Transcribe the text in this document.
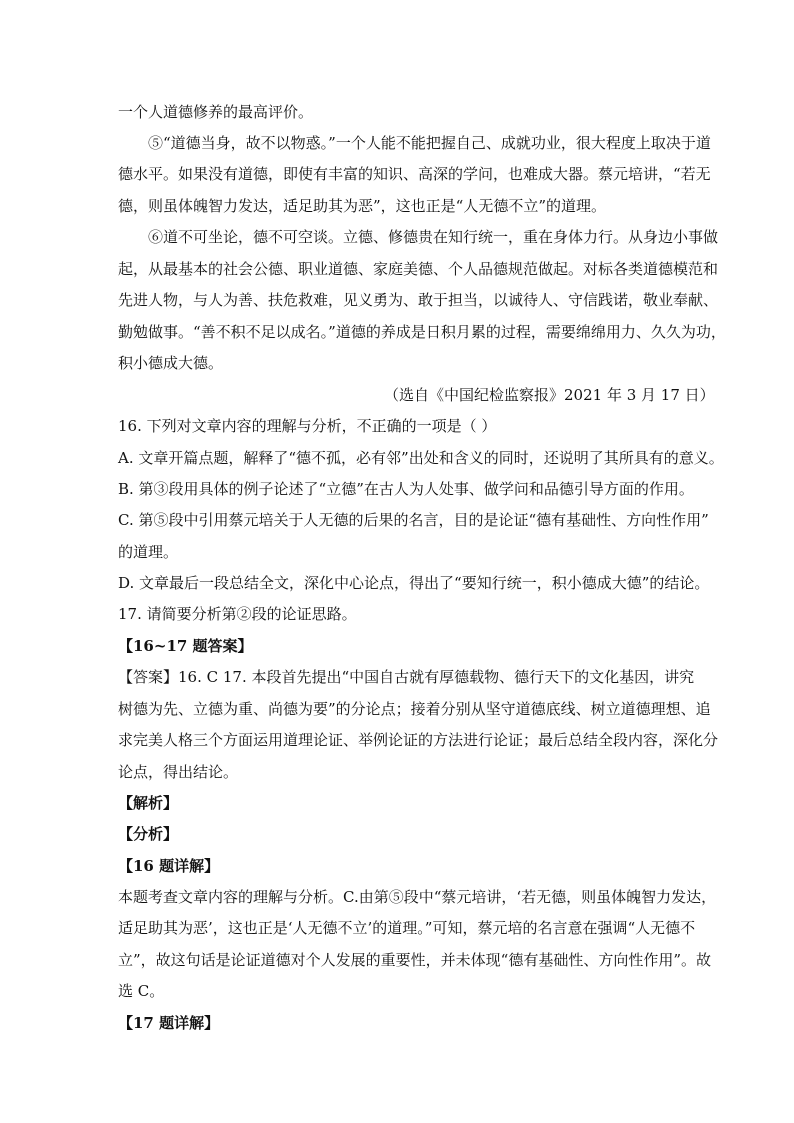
一个人道德修养的最高评价。
⑤“道德当身，故不以物惑。”一个人能不能把握自己、成就功业，很大程度上取决于道
德水平。如果没有道德，即使有丰富的知识、高深的学问，也难成大器。蔡元培讲，“若无
德，则虽体魄智力发达，适足助其为恶”，这也正是“人无德不立”的道理。
⑥道不可坐论，德不可空谈。立德、修德贵在知行统一，重在身体力行。从身边小事做
起，从最基本的社会公德、职业道德、家庭美德、个人品德规范做起。对标各类道德模范和
先进人物，与人为善、扶危救难，见义勇为、敢于担当，以诚待人、守信践诺，敬业奉献、
勤勉做事。“善不积不足以成名。”道德的养成是日积月累的过程，需要绵绵用力、久久为功，
积小德成大德。
（选自《中国纪检监察报》2021 年 3 月 17 日）
16. 下列对文章内容的理解与分析，不正确的一项是（ ）
A. 文章开篇点题，解释了“德不孤，必有邻”出处和含义的同时，还说明了其所具有的意义。
B. 第③段用具体的例子论述了“立德”在古人为人处事、做学问和品德引导方面的作用。
C. 第⑤段中引用蔡元培关于人无德的后果的名言，目的是论证“德有基础性、方向性作用”
的道理。
D. 文章最后一段总结全文，深化中心论点，得出了“要知行统一，积小德成大德”的结论。
17. 请简要分析第②段的论证思路。
【16~17 题答案】
【答案】16. C 17. 本段首先提出“中国自古就有厚德载物、德行天下的文化基因，讲究
树德为先、立德为重、尚德为要”的分论点；接着分别从坚守道德底线、树立道德理想、追
求完美人格三个方面运用道理论证、举例论证的方法进行论证；最后总结全段内容，深化分
论点，得出结论。
【解析】
【分析】
【16 题详解】
本题考查文章内容的理解与分析。C.由第⑤段中“蔡元培讲，‘若无德，则虽体魄智力发达，
适足助其为恶’，这也正是‘人无德不立’的道理。”可知，蔡元培的名言意在强调“人无德不
立”，故这句话是论证道德对个人发展的重要性，并未体现“德有基础性、方向性作用”。故
选 C。
【17 题详解】
